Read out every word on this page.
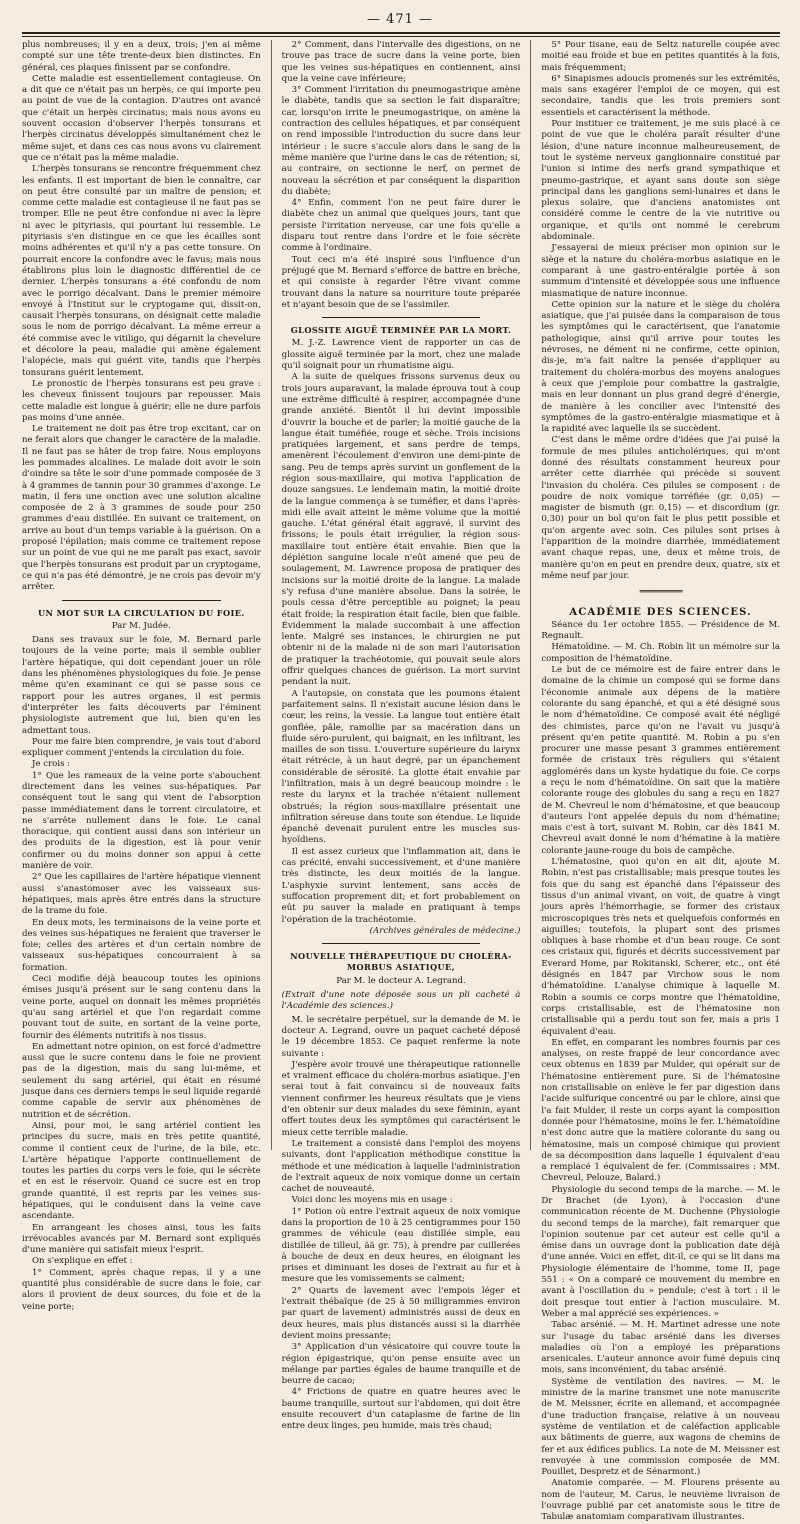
— 471 —

plus nombreuses; il y en a deux, trois; j'en ai même compté sur une tête trente-deux bien distinctes. En général, ces plaques finissent par se confondre.

Cette maladie est essentiellement contagieuse. On a dit que ce n'était pas un herpès, ce qui importe peu au point de vue de la contagion. D'autres ont avancé que c'était un herpès circinatus; mais nous avons eu souvent occasion d'observer l'herpès tonsurans et l'herpès circinatus développés simultanément chez le même sujet, et dans ces cas nous avons vu clairement que ce n'était pas la même maladie.

L'herpès tonsurans se rencontre fréquemment chez les enfants. Il est important de bien le connaître, car on peut être consulté par un maître de pension; et comme cette maladie est contagieuse il ne faut pas se tromper. Elle ne peut être confondue ni avec la lèpre ni avec le pityriasis, qui pourtant lui ressemble. Le pityriasis s'en distingue en ce que les écailles sont moins adhérentes et qu'il n'y a pas cette tonsure. On pourrait encore la confondre avec le favus; mais nous établirons plus loin le diagnostic différentiel de ce dernier. L'herpès tonsurans a été confondu de nom avec le porrigo décalvant. Dans le premier mémoire envoyé à l'Institut sur le cryptogame qui, dissit-on, causait l'herpès tonsurans, on désignait cette maladie sous le nom de porrigo décalvant. La même erreur a été commise avec le vitiligo, qui dégarnit la chevelure et décolore la peau, maladie qui amène également l'alopécie, mais qui guérit vite, tandis que l'herpès tonsurans guérit lentement.

Le pronostic de l'herpès tonsurans est peu grave : les cheveux finissent toujours par repousser. Mais cette maladie est longue à guérir; elle ne dure parfois pas moins d'une année.

Le traitement ne doit pas être trop excitant, car on ne ferait alors que changer le caractère de la maladie. Il ne faut pas se hâter de trop faire. Nous employons les pommades alcalines. Le malade doit avoir le soin d'oindre sa tête le soir d'une pommade composée de 3 à 4 grammes de tannin pour 30 grammes d'axonge. Le matin, il fera une onction avec une solution alcaline composée de 2 à 3 grammes de soude pour 250 grammes d'eau distillée. En suivant ce traitement, on arrive au bout d'un temps variable à la guérison. On a proposé l'épilation; mais comme ce traitement repose sur un point de vue qui ne me paraît pas exact, savoir que l'herpès tonsurans est produit par un cryptogame, ce qui n'a pas été démontré, je ne crois pas devoir m'y arrêter.

UN MOT SUR LA CIRCULATION DU FOIE.

Par M. Judée.

Dans ses travaux sur le foie, M. Bernard parle toujours de la veine porte; mais il semble oublier l'artère hépatique, qui doit cependant jouer un rôle dans les phénomènes physiologiques du foie. Je pense même qu'en examinant ce qui se passe sous ce rapport pour les autres organes, il est permis d'interpréter les faits découverts par l'éminent physiologiste autrement que lui, bien qu'en les admettant tous.

Pour me faire bien comprendre, je vais tout d'abord expliquer comment j'entends la circulation du foie.

Je crois :

1° Que les rameaux de la veine porte s'abouchent directement dans les veines sus-hépatiques. Par conséquent tout le sang qui vient de l'absorption passe immédiatement dans le torrent circulatoire, et ne s'arrête nullement dans le foie. Le canal thoracique, qui contient aussi dans son intérieur un des produits de la digestion, est là pour venir confirmer ou du moins donner son appui à cette manière de voir.

2° Que les capillaires de l'artère hépatique viennent aussi s'anastomoser avec les vaisseaux sus-hépatiques, mais après être entrés dans la structure de la trame du foie.

En deux mots, les terminaisons de la veine porte et des veines sus-hépatiques ne feraient que traverser le foie; celles des artères et d'un certain nombre de vaisseaux sus-hépatiques concourraient à sa formation.

Ceci modifie déjà beaucoup toutes les opinions émises jusqu'à présent sur le sang contenu dans la veine porte, auquel on donnait les mêmes propriétés qu'au sang artériel et que l'on regardait comme pouvant tout de suite, en sortant de la veine porte, fournir des éléments nutritifs à nos tissus.

En admettant notre opinion, on est forcé d'admettre aussi que le sucre contenu dans le foie ne provient pas de la digestion, mais du sang lui-même, et seulement du sang artériel, qui était en résumé jusque dans ces derniers temps le seul liquide regardé comme capable de servir aux phénomènes de nutrition et de sécrétion.

Ainsi, pour moi, le sang artériel contient les principes du sucre, mais en très petite quantité, comme il contient ceux de l'urine, de la bile, etc. L'artère hépatique l'apporte continuellement de toutes les parties du corps vers le foie, qui le sécrète et en est le réservoir. Quand ce sucre est en trop grande quantité, il est repris par les veines sus-hépatiques, qui le conduisent dans la veine cave ascendante.

En arrangeant les choses ainsi, tous les faits irrévocables avancés par M. Bernard sont expliqués d'une manière qui satisfait mieux l'esprit.

On s'explique en effet :

1° Comment, après chaque repas, il y a une quantité plus considérable de sucre dans le foie, car alors il provient de deux sources, du foie et de la veine porte;

2° Comment, dans l'intervalle des digestions, on ne trouve pas trace de sucre dans la veine porte, bien que les veines sus-hépatiques en contiennent, ainsi que la veine cave inférieure;

3° Comment l'irritation du pneumogastrique amène le diabète, tandis que sa section le fait disparaître; car, lorsqu'on irrite le pneumogastrique, on amène la contraction des cellules hépatiques, et par conséquent on rend impossible l'introduction du sucre dans leur intérieur : le sucre s'accule alors dans le sang de la même manière que l'urine dans le cas de rétention; si, au contraire, on sectionne le nerf, on permet de nouveau la sécrétion et par conséquent la disparition du diabète;

4° Enfin, comment l'on ne peut faire durer le diabète chez un animal que quelques jours, tant que persiste l'irritation nerveuse, car une fois qu'elle a disparu tout rentre dans l'ordre et le foie sécrète comme à l'ordinaire.

Tout ceci m'a été inspiré sous l'influence d'un préjugé que M. Bernard s'efforce de battre en brèche, et qui consiste à regarder l'être vivant comme trouvant dans la nature sa nourriture toute préparée et n'ayant besoin que de se l'assimiler.

GLOSSITE AIGUË TERMINÉE PAR LA MORT.

M. J.-Z. Lawrence vient de rapporter un cas de glossite aiguë terminée par la mort, chez une malade qu'il soignait pour un rhumatisme aigu.

A la suite de quelques frissons survenus deux ou trois jours auparavant, la malade éprouva tout à coup une extrême difficulté à respirer, accompagnée d'une grande anxiété. Bientôt il lui devint impossible d'ouvrir la bouche et de parler; la moitié gauche de la langue était tuméfiée, rouge et sèche. Trois incisions pratiquées largement, et sans perdre de temps, amenèrent l'écoulement d'environ une demi-pinte de sang. Peu de temps après survint un gonflement de la région sous-maxillaire, qui motiva l'application de douze sangsues. Le lendemain matin, la moitié droite de la langue commença à se tuméfier, et dans l'après-midi elle avait atteint le même volume que la moitié gauche. L'état général était aggravé, il survint des frissons; le pouls était irrégulier, la région sous-maxillaire tout entière était envahie. Bien que la déplétion sanguine locale n'eût amené que peu de soulagement, M. Lawrence proposa de pratiquer des incisions sur la moitié droite de la langue. La malade s'y refusa d'une manière absolue. Dans la soirée, le pouls cessa d'être perceptible au poignet; la peau était froide; la respiration était facile, bien que faible. Évidemment la malade succombait à une affection lente. Malgré ses instances, le chirurgien ne put obtenir ni de la malade ni de son mari l'autorisation de pratiquer la trachéotomie, qui pouvait seule alors offrir quelques chances de guérison. La mort survint pendant la nuit.

A l'autopsie, on constata que les poumons étaient parfaitement sains. Il n'existait aucune lésion dans le cœur, les reins, la vessie. La langue tout entière était gonflée, pâle, ramollie par sa macération dans un fluide séro-purulent, qui baignait, en les infiltrant, les mailles de son tissu. L'ouverture supérieure du larynx était rétrécie, à un haut degré, par un épanchement considérable de sérosité. La glotte était envahie par l'infiltration, mais à un degré beaucoup moindre : le reste du larynx et la trachée n'étaient nullement obstrués; la région sous-maxillaire présentait une infiltration séreuse dans toute son étendue. Le liquide épanché devenait purulent entre les muscles sus-hyoïdiens.

Il est assez curieux que l'inflammation ait, dans le cas précité, envahi successivement, et d'une manière très distincte, les deux moitiés de la langue. L'asphyxie survint lentement, sans accès de suffocation proprement dit; et fort probablement on eût pu sauver la malade en pratiquant à temps l'opération de la trachéotomie.

(Archives générales de médecine.)

NOUVELLE THÉRAPEUTIQUE DU CHOLÉRA-MORBUS ASIATIQUE,

Par M. le docteur A. Legrand.

(Extrait d'une note déposée sous un pli cacheté à l'Académie des sciences.)

M. le secrétaire perpétuel, sur la demande de M. le docteur A. Legrand, ouvre un paquet cacheté déposé le 19 décembre 1853. Ce paquet renferme la note suivante :

J'espère avoir trouvé une thérapeutique rationnelle et vraiment efficace du choléra-morbus asiatique. J'en serai tout à fait convaincu si de nouveaux faits viennent confirmer les heureux résultats que je viens d'en obtenir sur deux malades du sexe féminin, ayant offert toutes deux les symptômes qui caractérisent le mieux cette terrible maladie.

Le traitement a consisté dans l'emploi des moyens suivants, dont l'application méthodique constitue la méthode et une médication à laquelle l'administration de l'extrait aqueux de noix vomique donne un certain cachet de nouveauté.

Voici donc les moyens mis en usage :

1° Potion où entre l'extrait aqueux de noix vomique dans la proportion de 10 à 25 centigrammes pour 150 grammes de véhicule (eau distillée simple, eau distillée de tilleul, ãã gr. 75), à prendre par cuillerées à bouche de deux en deux heures, en éloignant les prises et diminuant les doses de l'extrait au fur et à mesure que les vomissements se calment;

2° Quarts de lavement avec l'empois léger et l'extrait thébaïque (de 25 à 50 milligrammes environ par quart de lavement) administrés aussi de deux en deux heures, mais plus distancés aussi si la diarrhée devient moins pressante;

3° Application d'un vésicatoire qui couvre toute la région épigastrique, qu'on pense ensuite avec un mélange par parties égales de baume tranquille et de beurre de cacao;

4° Frictions de quatre en quatre heures avec le baume tranquille, surtout sur l'abdomen, qui doit être ensuite recouvert d'un cataplasme de farine de lin entre deux linges, peu humide, mais très chaud;

5° Pour tisane, eau de Seltz naturelle coupée avec moitié eau froide et bue en petites quantités à la fois, mais fréquemment;

6° Sinapismes adoucis promenés sur les extrémités, mais sans exagérer l'emploi de ce moyen, qui est secondaire, tandis que les trois premiers sont essentiels et caractérisent la méthode.

Pour instituer ce traitement, je me suis placé à ce point de vue que le choléra paraît résulter d'une lésion, d'une nature inconnue malheureusement, de tout le système nerveux ganglionnaire constitué par l'union si intime des nerfs grand sympathique et pneumo-gastrique, et ayant sans doute son siège principal dans les ganglions semi-lunaires et dans le plexus solaire, que d'anciens anatomistes ont considéré comme le centre de la vie nutritive ou organique, et qu'ils ont nommé le cerebrum abdominale.

J'essayerai de mieux préciser mon opinion sur le siège et la nature du choléra-morbus asiatique en le comparant à une gastro-entéralgie portée à son summum d'intensité et développée sous une influence miasmatique de nature inconnue.

Cette opinion sur la nature et le siège du choléra asiatique, que j'ai puisée dans la comparaison de tous les symptômes qui le caractérisent, que l'anatomie pathologique, ainsi qu'il arrive pour toutes les névroses, ne dément ni ne confirme, cette opinion, dis-je, m'a fait naître la pensée d'appliquer au traitement du choléra-morbus des moyens analogues à ceux que j'emploie pour combattre la gastralgie, mais en leur donnant un plus grand degré d'énergie, de manière à les concilier avec l'intensité des symptômes de la gastro-entéralgie miasmatique et à la rapidité avec laquelle ils se succèdent.

C'est dans le même ordre d'idées que j'ai puisé la formule de mes pilules anticholériques, qui m'ont donné des résultats constamment heureux pour arrêter cette diarrhée qui précède si souvent l'invasion du choléra. Ces pilules se composent : de poudre de noix vomique torréfiée (gr. 0,05) — magister de bismuth (gr. 0,15) — et discordium (gr. 0,30) pour un bol qu'on fait le plus petit possible et qu'on argente avec soin. Ces pilules sont prises à l'apparition de la moindre diarrhée, immédiatement avant chaque repas, une, deux et même trois, de manière qu'on en peut en prendre deux, quatre, six et même neuf par jour.

═══════════

ACADÉMIE DES SCIENCES.

Séance du 1er octobre 1855. — Présidence de M. Regnault.

Hématoïdine. — M. Ch. Robin lit un mémoire sur la composition de l'hématoïdine.

Le but de ce mémoire est de faire entrer dans le domaine de la chimie un composé qui se forme dans l'économie animale aux dépens de la matière colorante du sang épanché, et qui a été désigné sous le nom d'hématoïdine. Ce composé avait été négligé des chimistes, parce qu'on ne l'avait vu jusqu'à présent qu'en petite quantité. M. Robin a pu s'en procurer une masse pesant 3 grammes entièrement formée de cristaux très réguliers qui s'étaient agglomérés dans un kyste hydatique du foie. Ce corps a reçu le nom d'hématoïdine. On sait que la matière colorante rouge des globules du sang a reçu en 1827 de M. Chevreul le nom d'hématosine, et que beaucoup d'auteurs l'ont appelée depuis du nom d'hématine; mais c'est à tort, suivant M. Robin, car dès 1841 M. Chevreul avait donné le nom d'hématine à la matière colorante jaune-rouge du bois de campêche.

L'hématosine, quoi qu'on en ait dit, ajoute M. Robin, n'est pas cristallisable; mais presque toutes les fois que du sang est épanché dans l'épaisseur des tissus d'un animal vivant, on voit, de quatre à vingt jours après l'hémorrhagie, se former des cristaux microscopiques très nets et quelquefois conformés en aiguilles; toutefois, la plupart sont des prismes obliques à base rhombe et d'un beau rouge. Ce sont ces cristaux qui, figurés et décrits successivement par Everard Home, par Rokitanski, Scherer, etc., ont été désignés en 1847 par Virchow sous le nom d'hématoïdine. L'analyse chimique à laquelle M. Robin a soumis ce corps montre que l'hématoïdine, corps cristallisable, est de l'hématosine non cristallisable qui a perdu tout son fer, mais a pris 1 équivalent d'eau.

En effet, en comparant les nombres fournis par ces analyses, on reste frappé de leur concordance avec ceux obtenus en 1839 par Mulder, qui opérait sur de l'hématosine entièrement pure. Si de l'hématosine non cristallisable on enlève le fer par digestion dans l'acide sulfurique concentré ou par le chlore, ainsi que l'a fait Mulder, il reste un corps ayant la composition donnée pour l'hématosine, moins le fer. L'hématoïdine n'est donc autre que la matière colorante du sang ou hématosine, mais un composé chimique qui provient de sa décomposition dans laquelle 1 équivalent d'eau a remplacé 1 équivalent de fer. (Commissaires : MM. Chevreul, Pelouze, Balard.)

Physiologie du second temps de la marche. — M. le Dr Brachet (de Lyon), à l'occasion d'une communication récente de M. Duchenne (Physiologie du second temps de la marche), fait remarquer que l'opinion soutenue par cet auteur est celle qu'il a émise dans un ouvrage dont la publication date déjà d'une année. Voici en effet, dit-il, ce qui se lit dans ma Physiologie élémentaire de l'homme, tome II, page 551 : « On a comparé ce mouvement du membre en avant à l'oscillation du » pendule; c'est à tort : il le doit presque tout entier à l'action musculaire. M. Weber a mal apprécié ses expériences. »

Tabac arsénié. — M. H. Martinet adresse une note sur l'usage du tabac arsénié dans les diverses maladies où l'on a employé les préparations arsenicales. L'auteur annonce avoir fumé depuis cinq mois, sans inconvénient, du tabac arsénié.

Système de ventilation des navires. — M. le ministre de la marine transmet une note manuscrite de M. Meissner, écrite en allemand, et accompagnée d'une traduction française, relative à un nouveau système de ventilation et de caléfaction applicable aux bâtiments de guerre, aux wagons de chemins de fer et aux édifices publics. La note de M. Meissner est renvoyée à une commission composée de MM. Pouillet, Despretz et de Sénarmont.)

Anatomie comparée. — M. Flourens présente au nom de l'auteur, M. Carus, le neuvième livraison de l'ouvrage publié par cet anatomiste sous le titre de Tabulæ anatomiam comparativam illustrantes.
